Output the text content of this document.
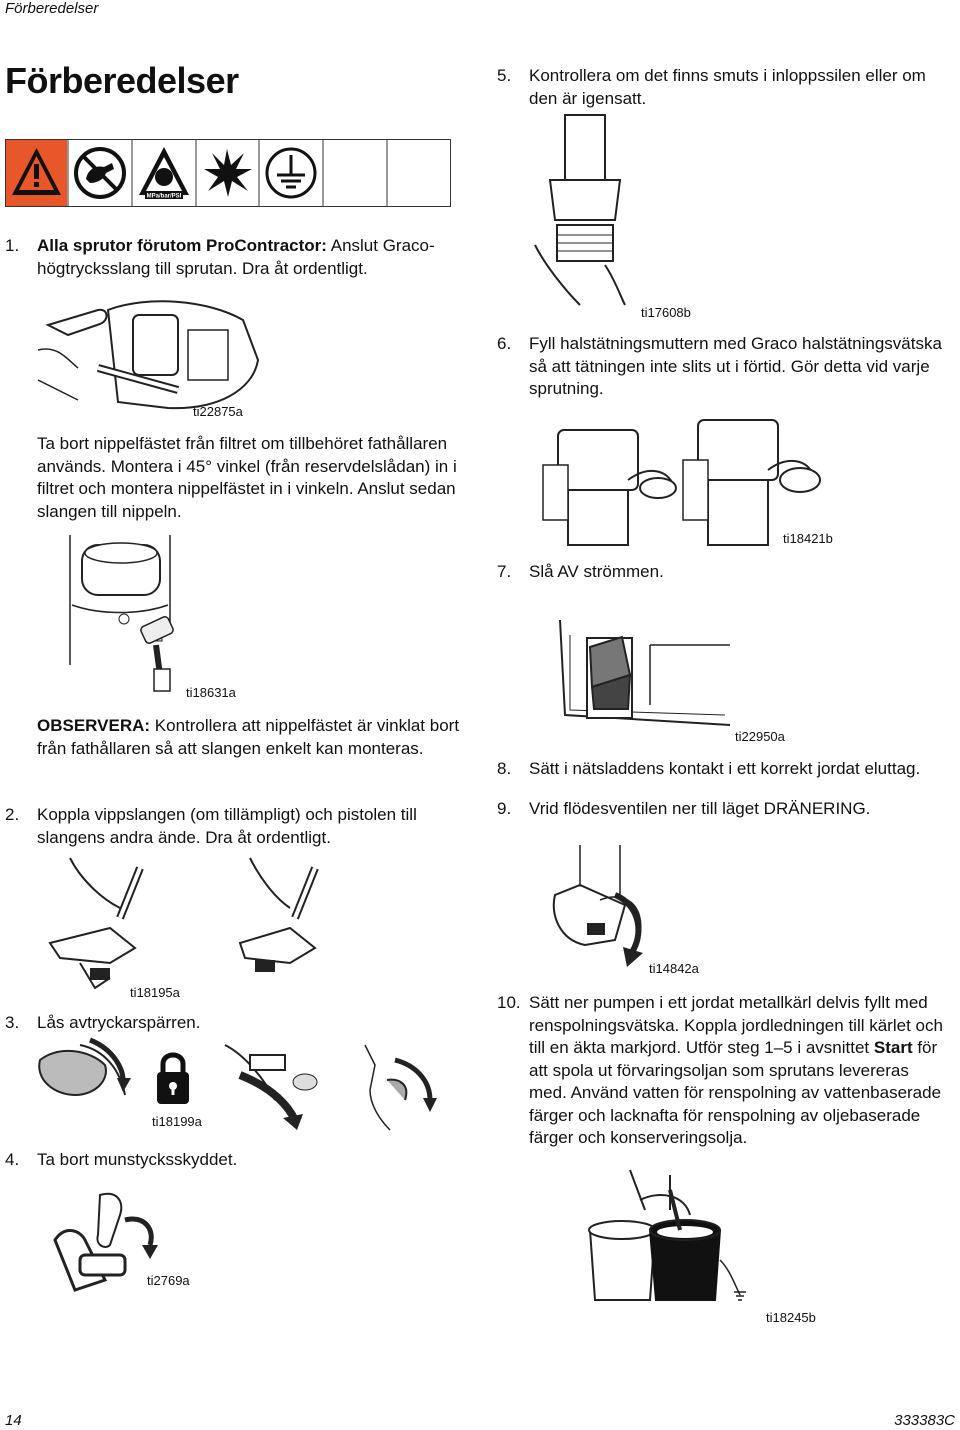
Förberedelser
Förberedelser
MPa/bar/PSI
1. Alla sprutor förutom ProContractor: Anslut Graco-högtrycksslang till sprutan. Dra åt ordentligt.
ti22875a
Ta bort nippelfästet från filtret om tillbehöret fathållaren används. Montera i 45° vinkel (från reservdelslådan) in i filtret och montera nippelfästet in i vinkeln. Anslut sedan slangen till nippeln.
ti18631a
OBSERVERA: Kontrollera att nippelfästet är vinklat bort från fathållaren så att slangen enkelt kan monteras.
2. Koppla vippslangen (om tillämpligt) och pistolen till slangens andra ände. Dra åt ordentligt.
ti18195a
3. Lås avtryckarspärren.
ti18199a
4. Ta bort munstycksskyddet.
ti2769a
5. Kontrollera om det finns smuts i inloppssilen eller om den är igensatt.
ti17608b
6. Fyll halstätningsmuttern med Graco halstätningsvätska så att tätningen inte slits ut i förtid. Gör detta vid varje sprutning.
ti18421b
7. Slå AV strömmen.
ti22950a
8. Sätt i nätsladdens kontakt i ett korrekt jordat eluttag.
9. Vrid flödesventilen ner till läget DRÄNERING.
ti14842a
10. Sätt ner pumpen i ett jordat metallkärl delvis fyllt med renspolningsvätska. Koppla jordledningen till kärlet och till en äkta markjord. Utför steg 1–5 i avsnittet Start för att spola ut förvaringsoljan som sprutans levereras med. Använd vatten för renspolning av vattenbaserade färger och lacknafta för renspolning av oljebaserade färger och konserveringsolja.
ti18245b
14	333383C
